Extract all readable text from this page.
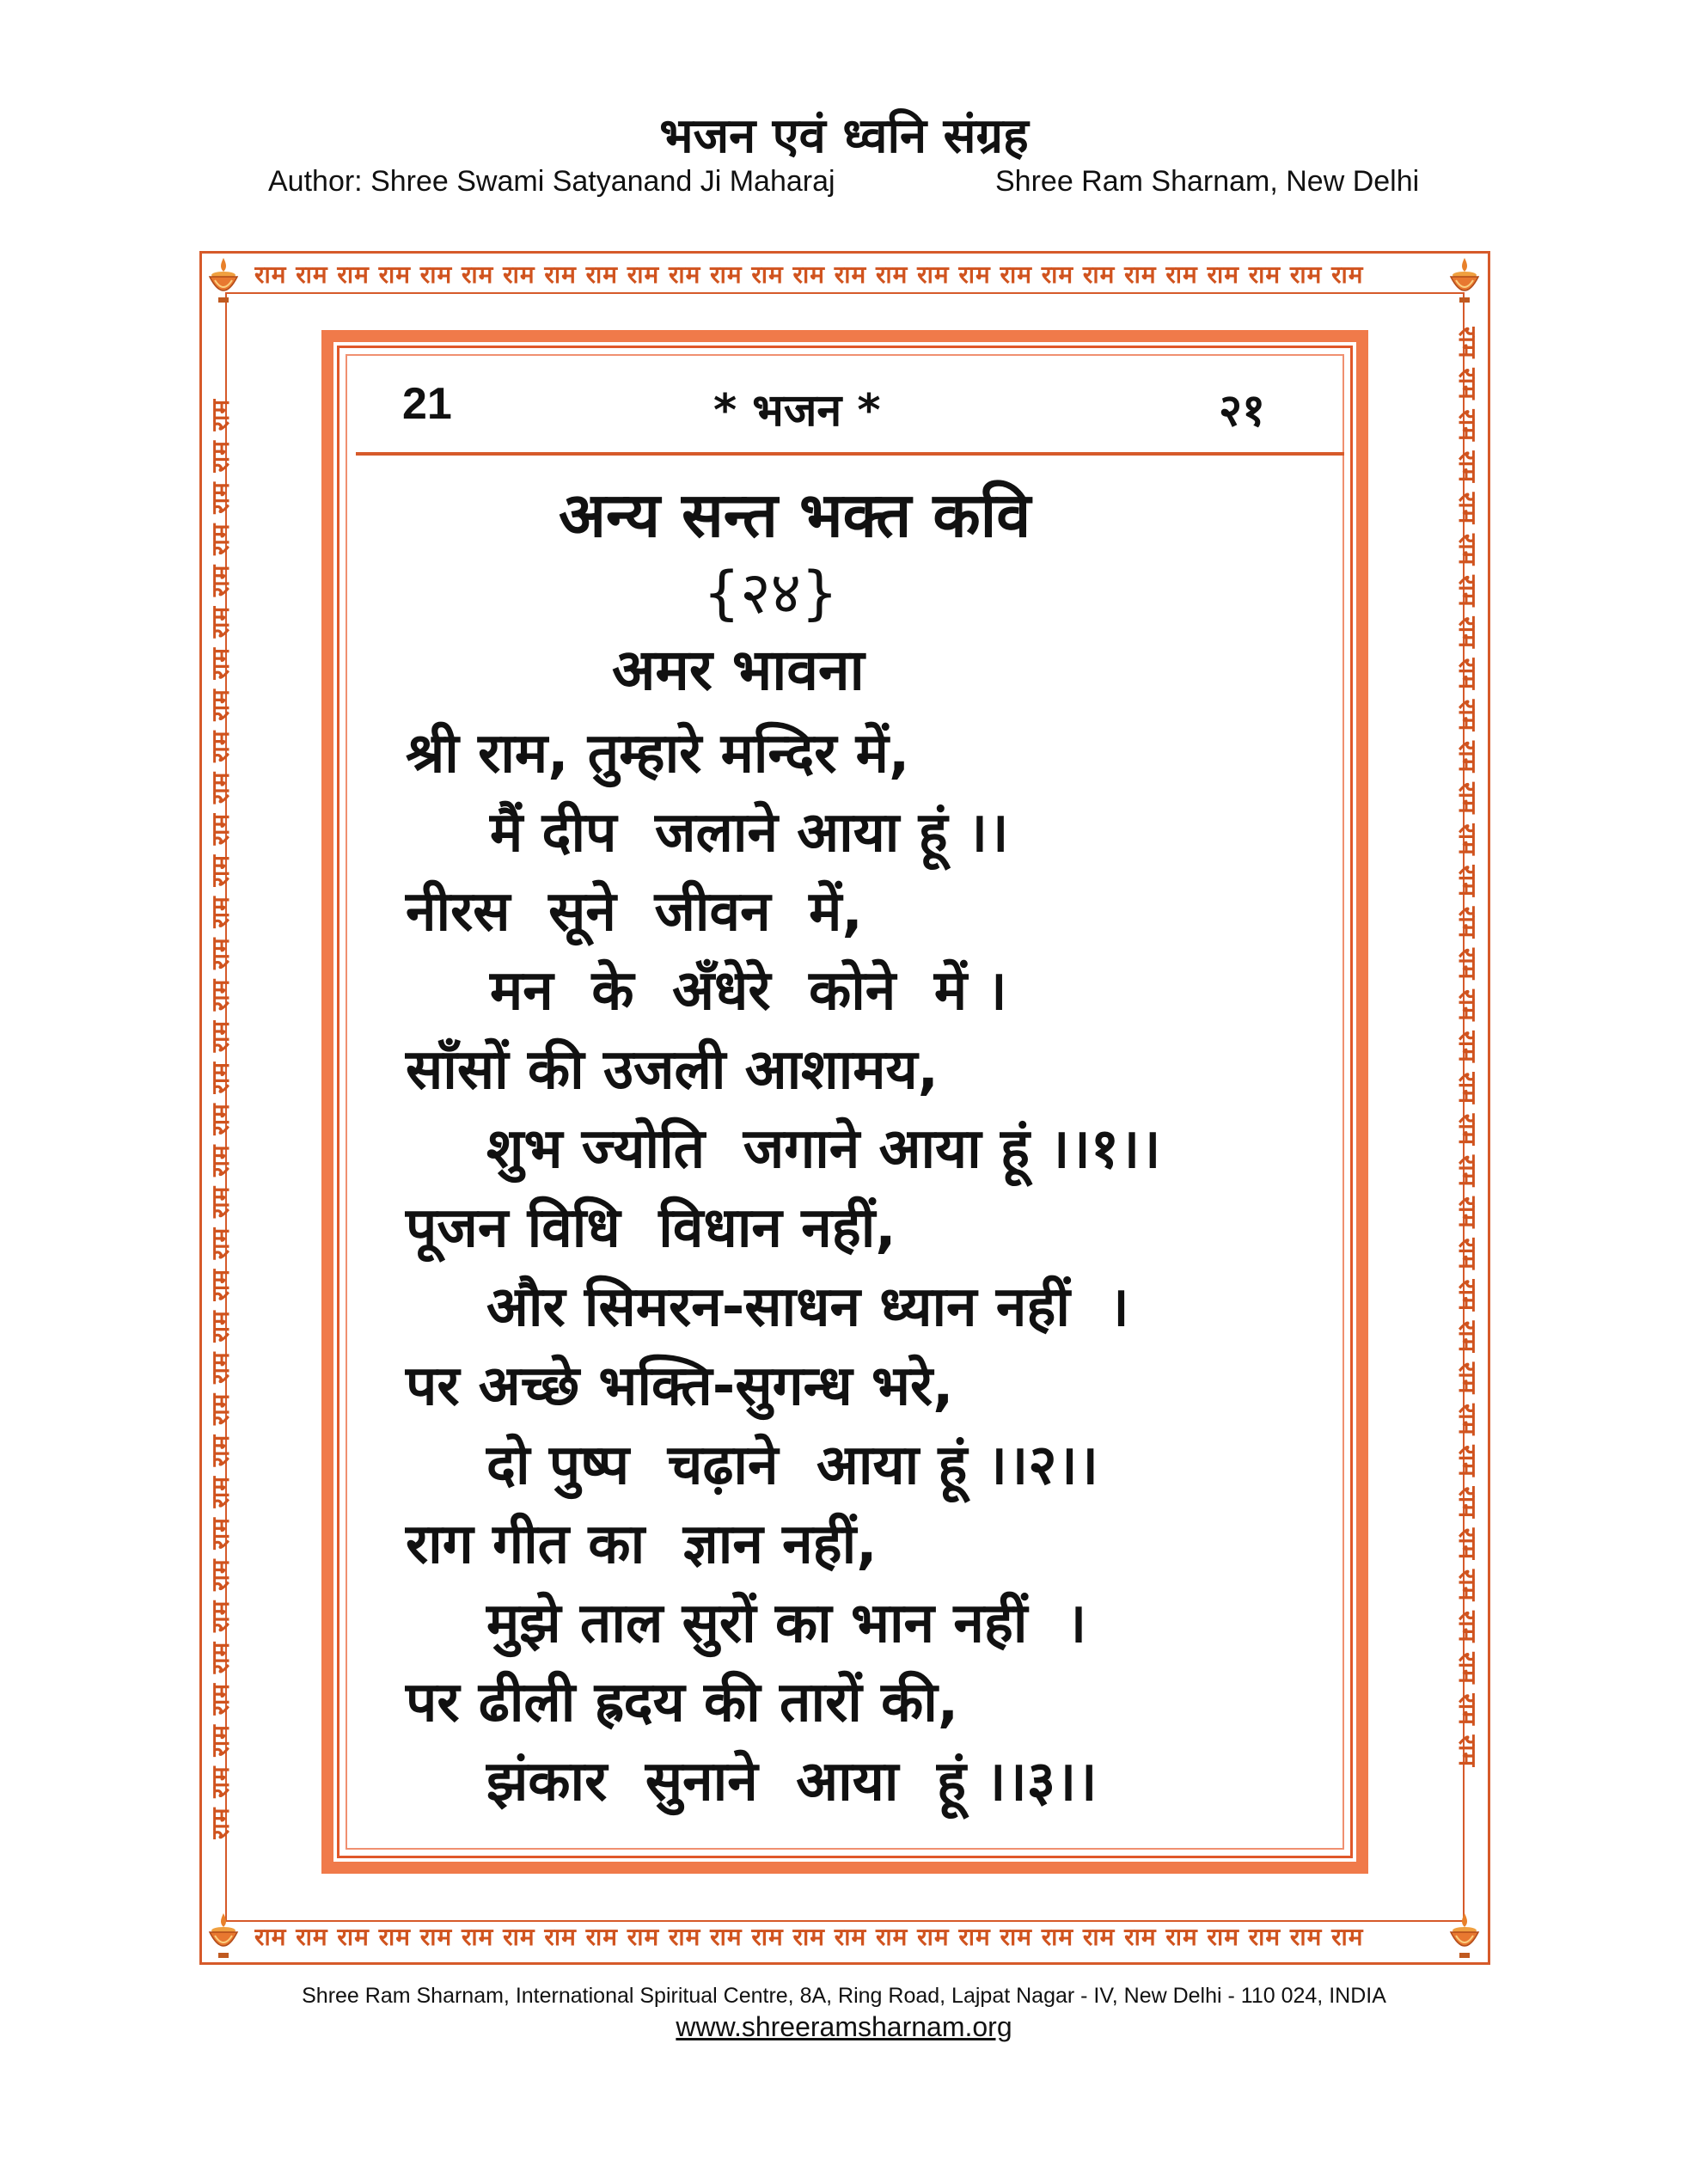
भजन एवं ध्वनि संग्रह
Author: Shree Swami Satyanand Ji Maharaj	Shree Ram Sharnam, New Delhi
राम राम राम राम राम राम राम राम राम राम राम राम राम राम राम राम राम राम राम राम राम राम राम राम राम राम राम
राम राम राम राम राम राम राम राम राम राम राम राम राम राम राम राम राम राम राम राम राम राम राम राम राम राम राम
राम राम राम राम राम राम राम राम राम राम राम राम राम राम राम राम राम राम राम राम राम राम राम राम राम राम राम राम राम राम राम राम राम राम राम	राम राम राम राम राम राम राम राम राम राम राम राम राम राम राम राम राम राम राम राम राम राम राम राम राम राम राम राम राम राम राम राम राम राम राम
21	* भजन *	२१
अन्य सन्त भक्त कवि
{२४}
अमर भावना
श्री राम, तुम्हारे मन्दिर में,
मैं दीप  जलाने आया हूं ।।
नीरस  सूने  जीवन  में,
मन  के  अँधेरे  कोने  में ।
साँसों की उजली आशामय,
शुभ ज्योति  जगाने आया हूं ।।१।।
पूजन विधि  विधान नहीं,
और सिमरन-साधन ध्यान नहीं  ।
पर अच्छे भक्ति-सुगन्ध भरे,
दो पुष्प  चढ़ाने  आया हूं ।।२।।
राग गीत का  ज्ञान नहीं,
मुझे ताल सुरों का भान नहीं  ।
पर ढीली ह्रदय की तारों की,
झंकार  सुनाने  आया  हूं ।।३।।
Shree Ram Sharnam, International Spiritual Centre, 8A, Ring Road, Lajpat Nagar - IV, New Delhi - 110 024, INDIA
www.shreeramsharnam.org
